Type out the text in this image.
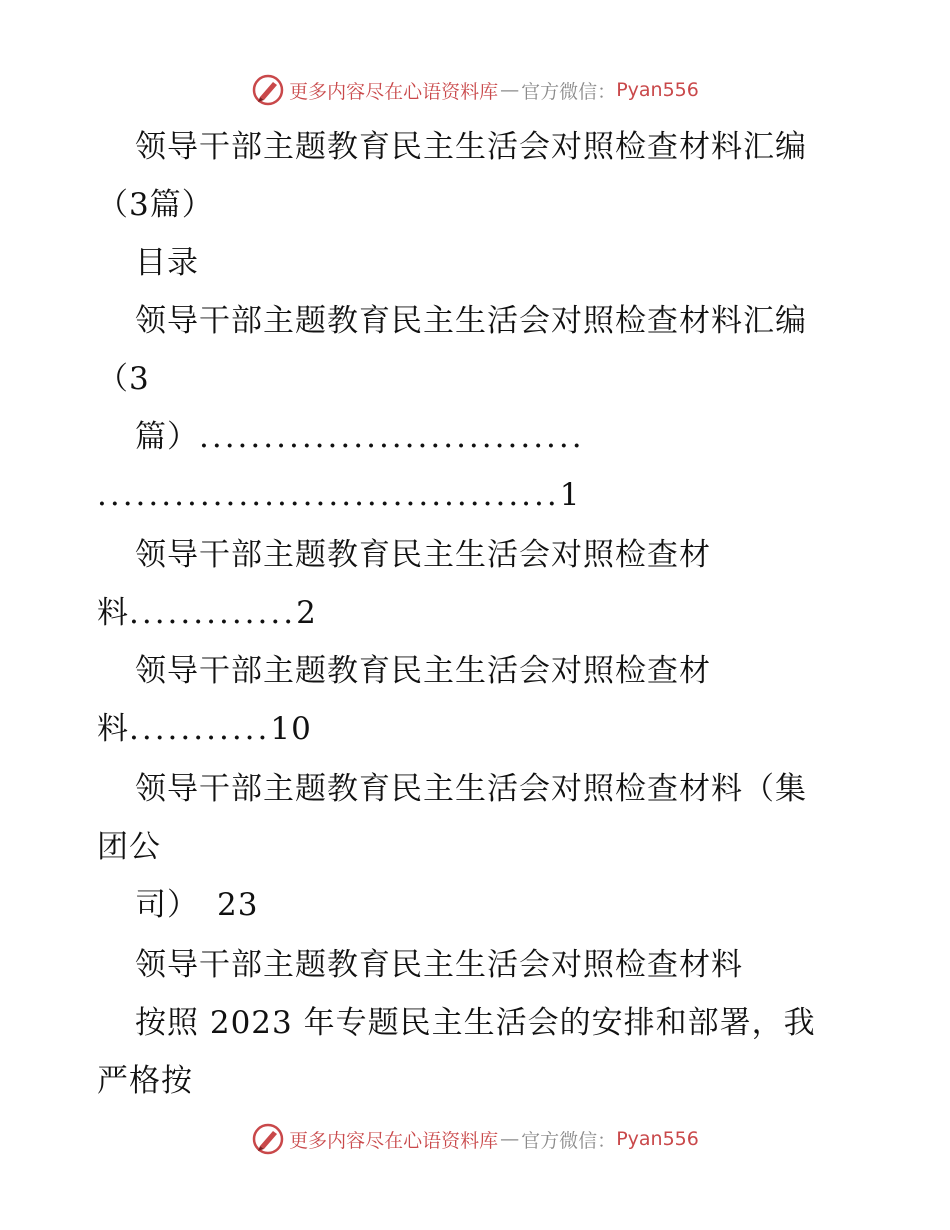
更多内容尽在心语资料库 — 官方微信： Pyan556
领导干部主题教育民主生活会对照检查材料汇编
（3篇）
目录
领导干部主题教育民主生活会对照检查材料汇编
（3
篇）..............................
....................................1
领导干部主题教育民主生活会对照检查材
料.............2
领导干部主题教育民主生活会对照检查材
料...........10
领导干部主题教育民主生活会对照检查材料（集
团公
司） 23
领导干部主题教育民主生活会对照检查材料
按照 2023 年专题民主生活会的安排和部署，我
严格按
更多内容尽在心语资料库 — 官方微信： Pyan556
